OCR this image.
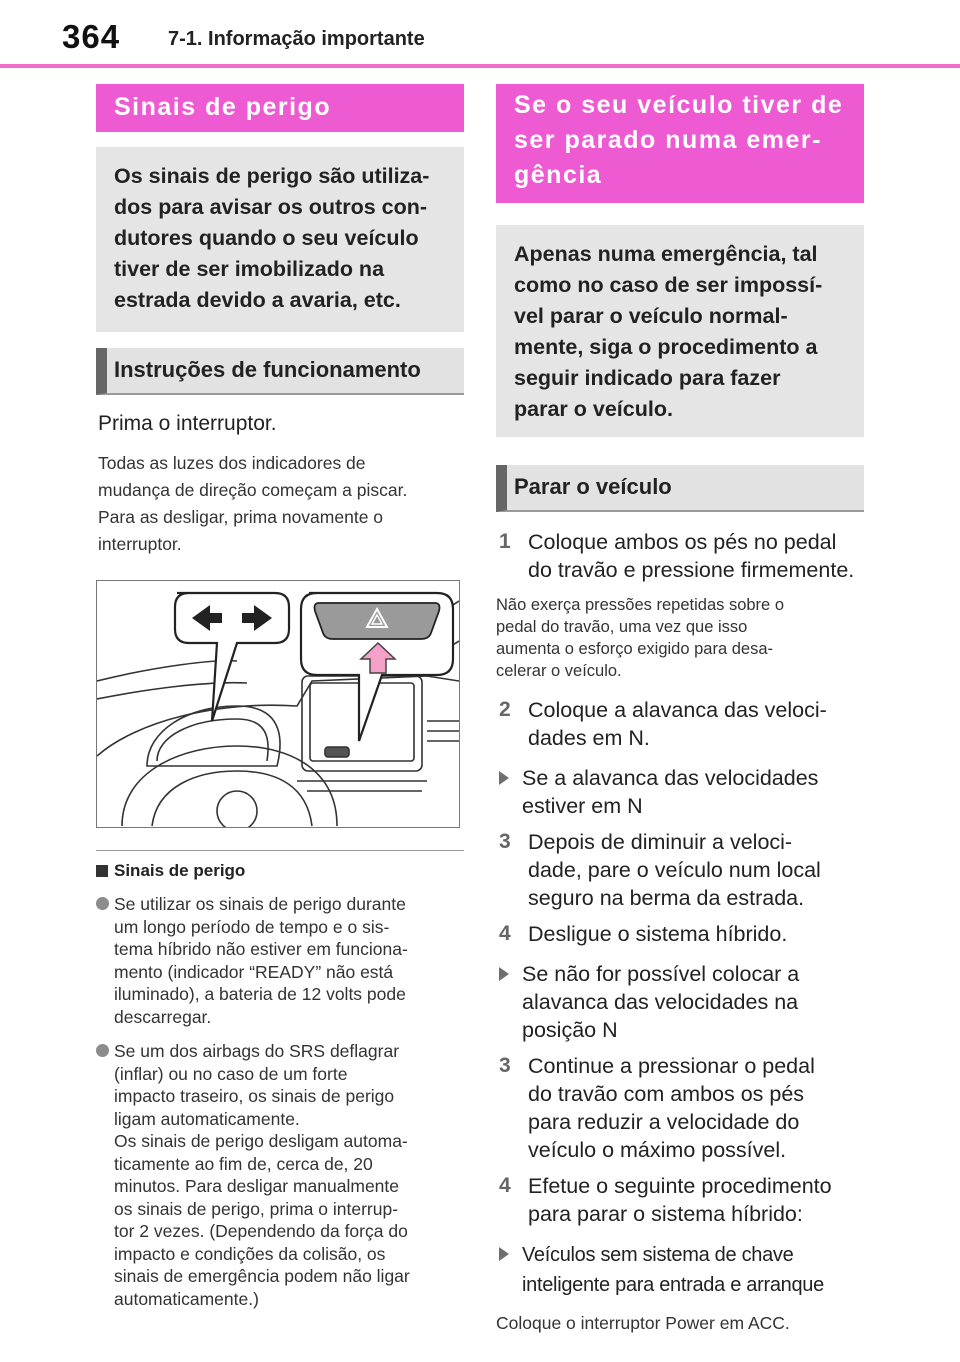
364 7-1. Informação importante
Sinais de perigo
Os sinais de perigo são utiliza-
dos para avisar os outros con-
dutores quando o seu veículo
tiver de ser imobilizado na
estrada devido a avaria, etc.
Instruções de funcionamento
Prima o interruptor.
Todas as luzes dos indicadores de
mudança de direção começam a piscar.
Para as desligar, prima novamente o
interruptor.
Sinais de perigo
Se utilizar os sinais de perigo durante
um longo período de tempo e o sis-
tema híbrido não estiver em funciona-
mento (indicador “READY” não está
iluminado), a bateria de 12 volts pode
descarregar.
Se um dos airbags do SRS deflagrar
(inflar) ou no caso de um forte
impacto traseiro, os sinais de perigo
ligam automaticamente.
Os sinais de perigo desligam automa-
ticamente ao fim de, cerca de, 20
minutos. Para desligar manualmente
os sinais de perigo, prima o interrup-
tor 2 vezes. (Dependendo da força do
impacto e condições da colisão, os
sinais de emergência podem não ligar
automaticamente.)
Se o seu veículo tiver de
ser parado numa emer-
gência
Apenas numa emergência, tal
como no caso de ser impossí-
vel parar o veículo normal-
mente, siga o procedimento a
seguir indicado para fazer
parar o veículo.
Parar o veículo
1 Coloque ambos os pés no pedal
do travão e pressione firmemente.
Não exerça pressões repetidas sobre o
pedal do travão, uma vez que isso
aumenta o esforço exigido para desa-
celerar o veículo.
2 Coloque a alavanca das veloci-
dades em N.
Se a alavanca das velocidades
estiver em N
3 Depois de diminuir a veloci-
dade, pare o veículo num local
seguro na berma da estrada.
4 Desligue o sistema híbrido.
Se não for possível colocar a
alavanca das velocidades na
posição N
3 Continue a pressionar o pedal
do travão com ambos os pés
para reduzir a velocidade do
veículo o máximo possível.
4 Efetue o seguinte procedimento
para parar o sistema híbrido:
Veículos sem sistema de chave
inteligente para entrada e arranque
Coloque o interruptor Power em ACC.
